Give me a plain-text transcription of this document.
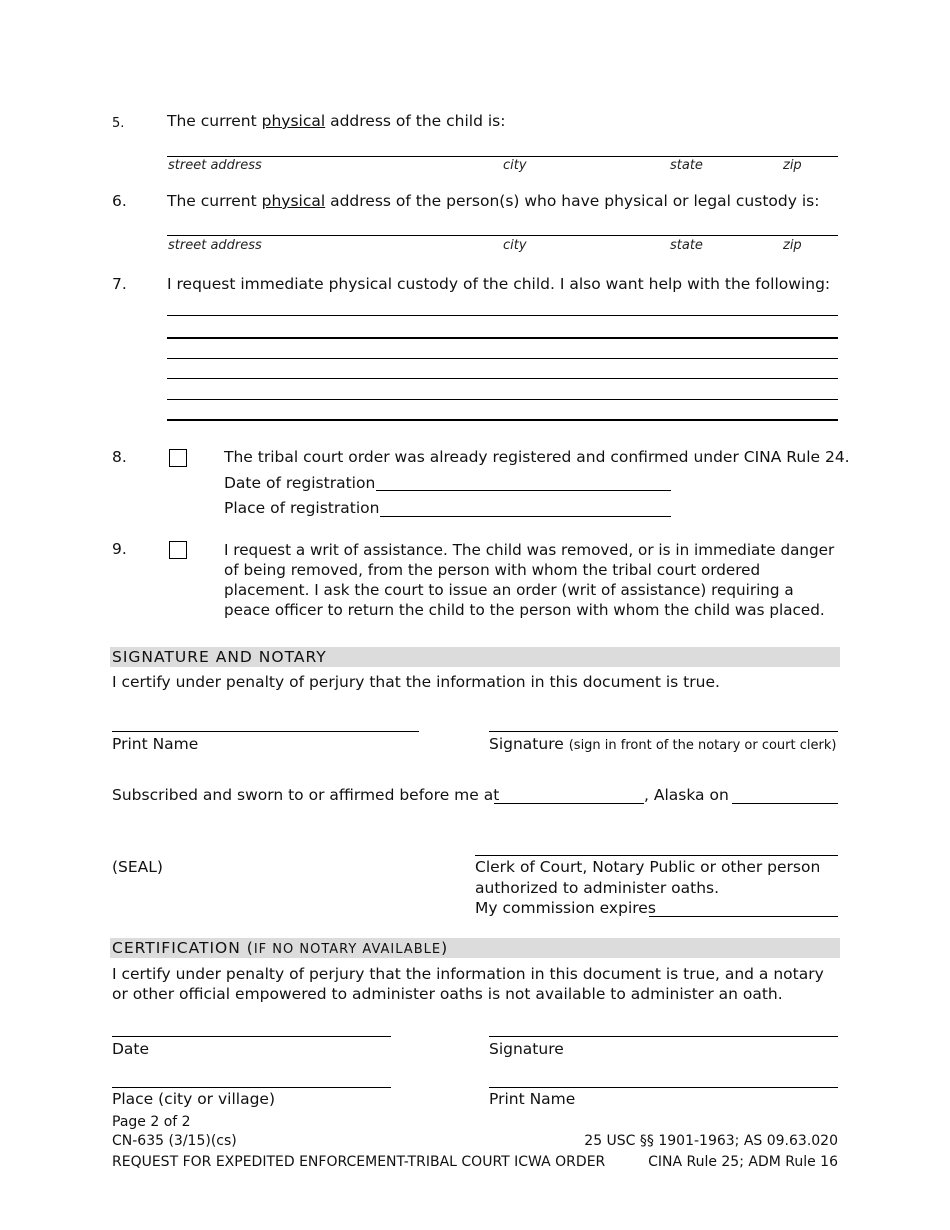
5.	The current physical address of the child is:
street address	city	state	zip
6.	The current physical address of the person(s) who have physical or legal custody is:
street address	city	state	zip
7.	I request immediate physical custody of the child. I also want help with the following:
8.	The tribal court order was already registered and confirmed under CINA Rule 24.
Date of registration
Place of registration
9.	I request a writ of assistance. The child was removed, or is in immediate danger of being removed, from the person with whom the tribal court ordered placement. I ask the court to issue an order (writ of assistance) requiring a peace officer to return the child to the person with whom the child was placed.
SIGNATURE AND NOTARY
I certify under penalty of perjury that the information in this document is true.
Print Name	Signature (sign in front of the notary or court clerk)
Subscribed and sworn to or affirmed before me at	, Alaska on
(SEAL)	Clerk of Court, Notary Public or other person
authorized to administer oaths.
My commission expires
CERTIFICATION (IF NO NOTARY AVAILABLE)
I certify under penalty of perjury that the information in this document is true, and a notary or other official empowered to administer oaths is not available to administer an oath.
Date	Signature
Place (city or village)	Print Name
Page 2 of 2
CN-635 (3/15)(cs)	25 USC §§ 1901-1963; AS 09.63.020
REQUEST FOR EXPEDITED ENFORCEMENT-TRIBAL COURT ICWA ORDER	CINA Rule 25; ADM Rule 16
